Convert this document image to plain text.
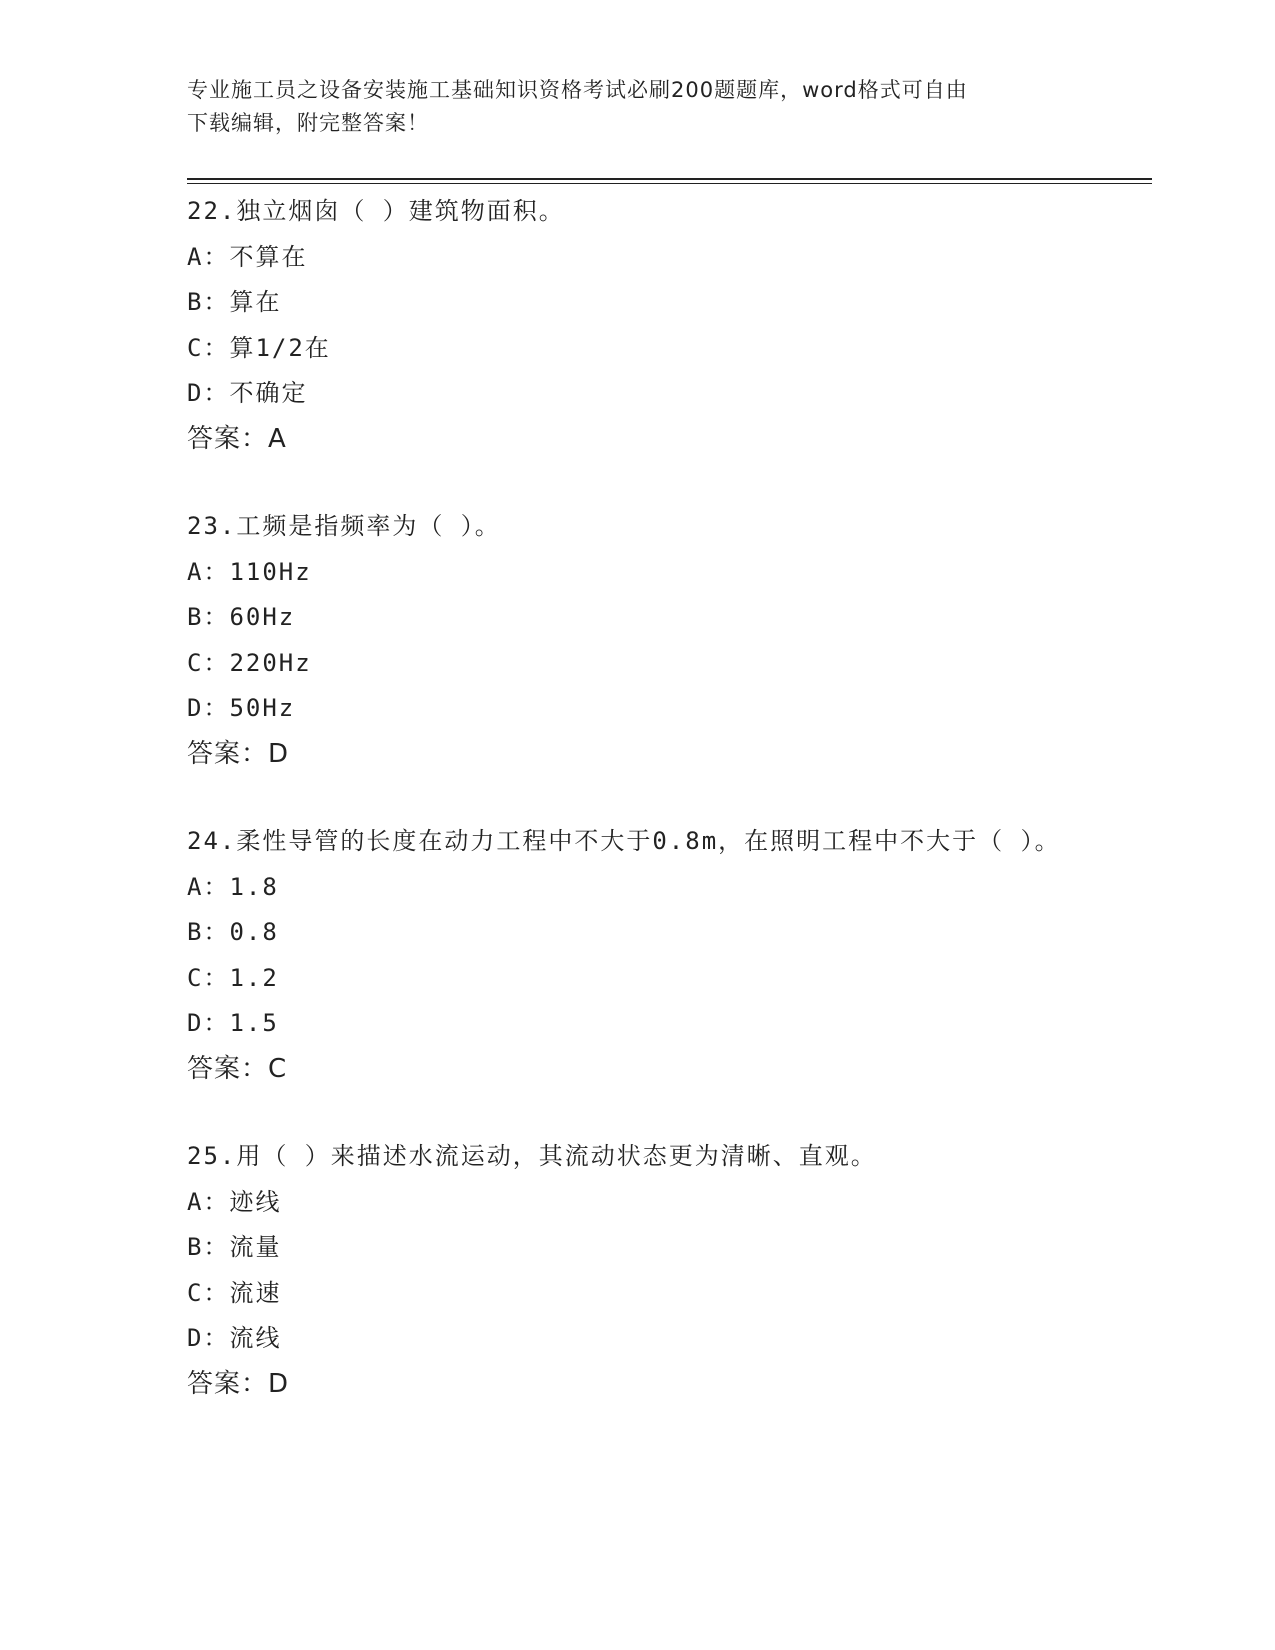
专业施工员之设备安装施工基础知识资格考试必刷200题题库，word格式可自由
下载编辑，附完整答案！
22.独立烟囱（ ）建筑物面积。
A：不算在
B：算在
C：算1/2在
D：不确定
答案：A
23.工频是指频率为（ ）。
A：110Hz
B：60Hz
C：220Hz
D：50Hz
答案：D
24.柔性导管的长度在动力工程中不大于0.8m，在照明工程中不大于（ ）。
A：1.8
B：0.8
C：1.2
D：1.5
答案：C
25.用（ ）来描述水流运动，其流动状态更为清晰、直观。
A：迹线
B：流量
C：流速
D：流线
答案：D
